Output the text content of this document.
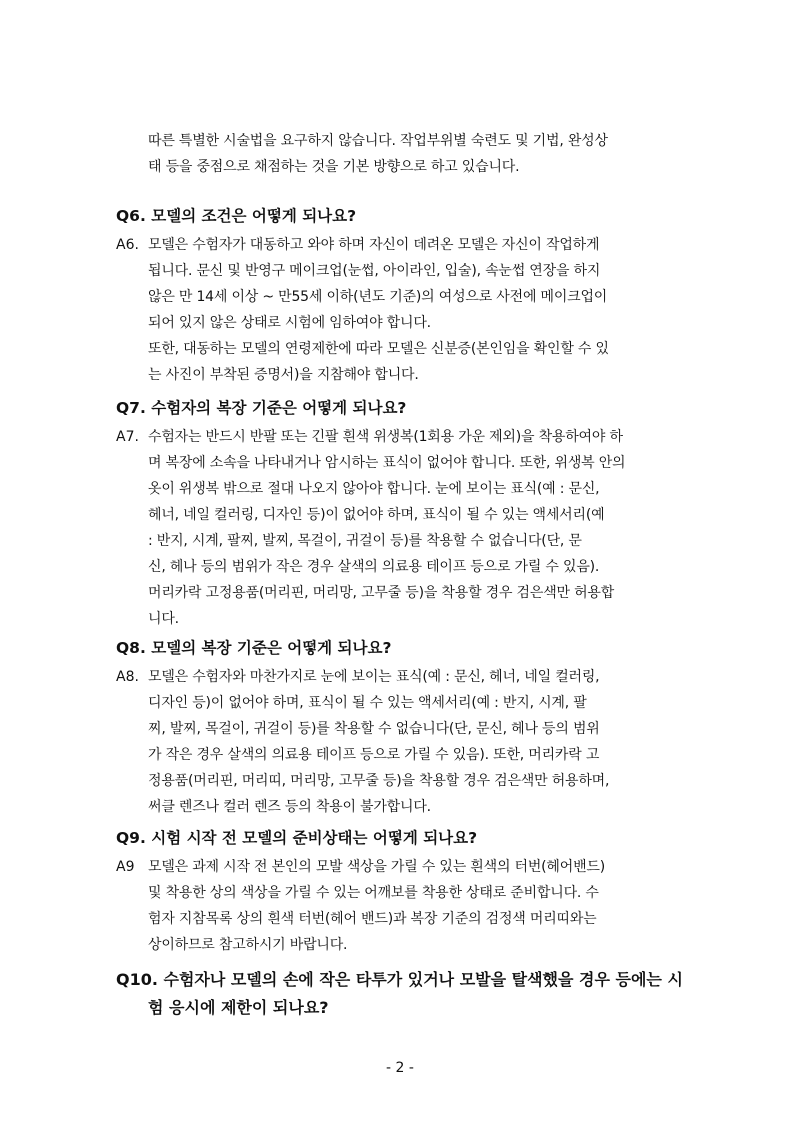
따른 특별한 시술법을 요구하지 않습니다. 작업부위별 숙련도 및 기법, 완성상
태 등을 중점으로 채점하는 것을 기본 방향으로 하고 있습니다.
Q6. 모델의 조건은 어떻게 되나요?
A6. 모델은 수험자가 대동하고 와야 하며 자신이 데려온 모델은 자신이 작업하게
됩니다. 문신 및 반영구 메이크업(눈썹, 아이라인, 입술), 속눈썹 연장을 하지
않은 만 14세 이상 ~ 만55세 이하(년도 기준)의 여성으로 사전에 메이크업이
되어 있지 않은 상태로 시험에 임하여야 합니다.
또한, 대동하는 모델의 연령제한에 따라 모델은 신분증(본인임을 확인할 수 있
는 사진이 부착된 증명서)을 지참해야 합니다.
Q7. 수험자의 복장 기준은 어떻게 되나요?
A7. 수험자는 반드시 반팔 또는 긴팔 흰색 위생복(1회용 가운 제외)을 착용하여야 하
며 복장에 소속을 나타내거나 암시하는 표식이 없어야 합니다. 또한, 위생복 안의
옷이 위생복 밖으로 절대 나오지 않아야 합니다. 눈에 보이는 표식(예 : 문신,
헤너, 네일 컬러링, 디자인 등)이 없어야 하며, 표식이 될 수 있는 액세서리(예
: 반지, 시계, 팔찌, 발찌, 목걸이, 귀걸이 등)를 착용할 수 없습니다(단, 문
신, 헤나 등의 범위가 작은 경우 살색의 의료용 테이프 등으로 가릴 수 있음).
머리카락 고정용품(머리핀, 머리망, 고무줄 등)을 착용할 경우 검은색만 허용합
니다.
Q8. 모델의 복장 기준은 어떻게 되나요?
A8. 모델은 수험자와 마찬가지로 눈에 보이는 표식(예 : 문신, 헤너, 네일 컬러링,
디자인 등)이 없어야 하며, 표식이 될 수 있는 액세서리(예 : 반지, 시계, 팔
찌, 발찌, 목걸이, 귀걸이 등)를 착용할 수 없습니다(단, 문신, 헤나 등의 범위
가 작은 경우 살색의 의료용 테이프 등으로 가릴 수 있음). 또한, 머리카락 고
정용품(머리핀, 머리띠, 머리망, 고무줄 등)을 착용할 경우 검은색만 허용하며,
써클 렌즈나 컬러 렌즈 등의 착용이 불가합니다.
Q9. 시험 시작 전 모델의 준비상태는 어떻게 되나요?
A9 모델은 과제 시작 전 본인의 모발 색상을 가릴 수 있는 흰색의 터번(헤어밴드)
및 착용한 상의 색상을 가릴 수 있는 어깨보를 착용한 상태로 준비합니다. 수
험자 지참목록 상의 흰색 터번(헤어 밴드)과 복장 기준의 검정색 머리띠와는
상이하므로 참고하시기 바랍니다.
Q10. 수험자나 모델의 손에 작은 타투가 있거나 모발을 탈색했을 경우 등에는 시
험 응시에 제한이 되나요?
- 2 -
